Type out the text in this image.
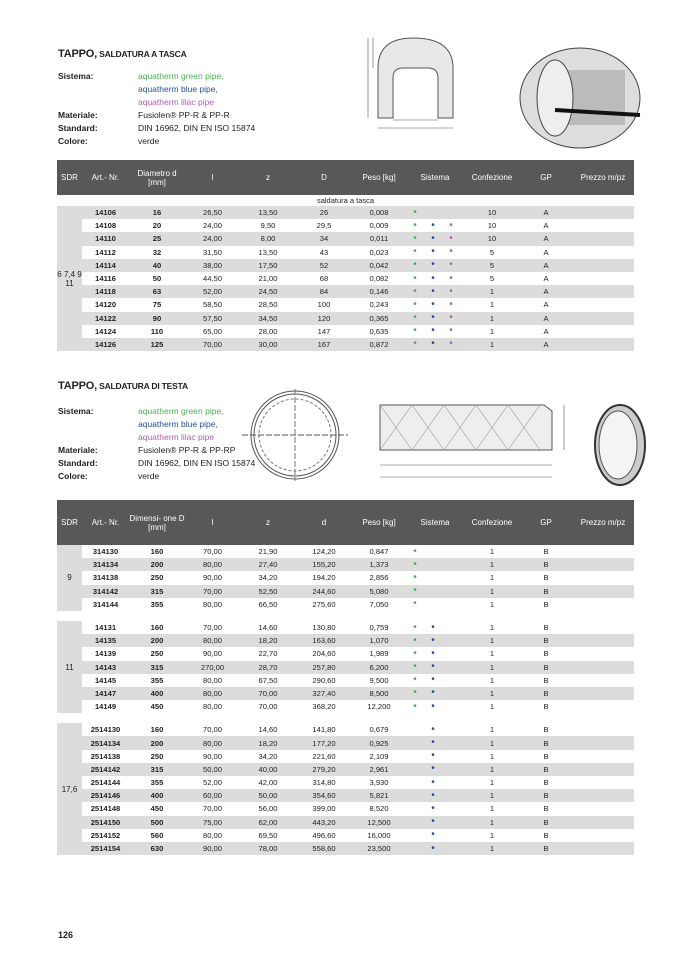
TAPPO, SALDATURA A TASCA
Sistema:	aquatherm green pipe,
aquatherm blue pipe,
aquatherm lilac pipe
Materiale:	Fusiolen® PP-R & PP-R
Standard:	DIN 16962, DIN EN ISO 15874
Colore:	verde
SDR	Art.- Nr.	Diametro d [mm]	l	z	D	Peso [kg]	Sistema	Confezione	GP	Prezzo m/pz
saldatura a tasca										
6 7,4 9 11	14106	16	26,50	13,50	26	0,008	•	10	A	
	14108	20	24,00	9,50	29,5	0,009	• • •	10	A	
	14110	25	24,00	8,00	34	0,011	• • •	10	A	
	14112	32	31,50	13,50	43	0,023	• • •	5	A	
	14114	40	38,00	17,50	52	0,042	• • •	5	A	
	14116	50	44,50	21,00	68	0,082	• • •	5	A	
	14118	63	52,00	24,50	84	0,146	• • •	1	A	
	14120	75	58,50	28,50	100	0,243	• • •	1	A	
	14122	90	57,50	34,50	120	0,365	• • •	1	A	
	14124	110	65,00	28,00	147	0,635	• • •	1	A	
	14126	125	70,00	30,00	167	0,872	• • •	1	A	
TAPPO, SALDATURA DI TESTA
Sistema:	aquatherm green pipe,
aquatherm blue pipe,
aquatherm lilac pipe
Materiale:	Fusiolen® PP-R & PP-RP
Standard:	DIN 16962, DIN EN ISO 15874
Colore:	verde
SDR	Art.- Nr.	Dimensi- one D [mm]	l	z	d	Peso [kg]	Sistema	Confezione	GP	Prezzo m/pz
9	314130	160	70,00	21,90	124,20	0,847	•	1	B	
	314134	200	80,00	27,40	155,20	1,373	•	1	B	
	314138	250	90,00	34,20	194,20	2,856	•	1	B	
	314142	315	70,00	52,50	244,60	5,080	•	1	B	
	314144	355	80,00	66,50	275,60	7,050	•	1	B	

11	14131	160	70,00	14,60	130,80	0,759	• •	1	B	
	14135	200	80,00	18,20	163,60	1,070	• •	1	B	
	14139	250	90,00	22,70	204,60	1,989	• •	1	B	
	14143	315	270,00	28,70	257,80	6,200	• •	1	B	
	14145	355	80,00	67,50	290,60	9,500	• •	1	B	
	14147	400	80,00	70,00	327,40	8,500	• •	1	B	
	14149	450	80,00	70,00	368,20	12,200	• •	1	B	

17,6	2514130	160	70,00	14,60	141,80	0,679	•	1	B	
	2514134	200	80,00	18,20	177,20	0,925	•	1	B	
	2514138	250	90,00	34,20	221,60	2,109	•	1	B	
	2514142	315	50,00	40,00	279,20	2,961	•	1	B	
	2514144	355	52,00	42,00	314,80	3,930	•	1	B	
	2514146	400	60,00	50,00	354,60	5,821	•	1	B	
	2514148	450	70,00	56,00	399,00	8,520	•	1	B	
	2514150	500	75,00	62,00	443,20	12,500	•	1	B	
	2514152	560	80,00	69,50	496,60	16,000	•	1	B	
	2514154	630	90,00	78,00	558,60	23,500	•	1	B	
126
